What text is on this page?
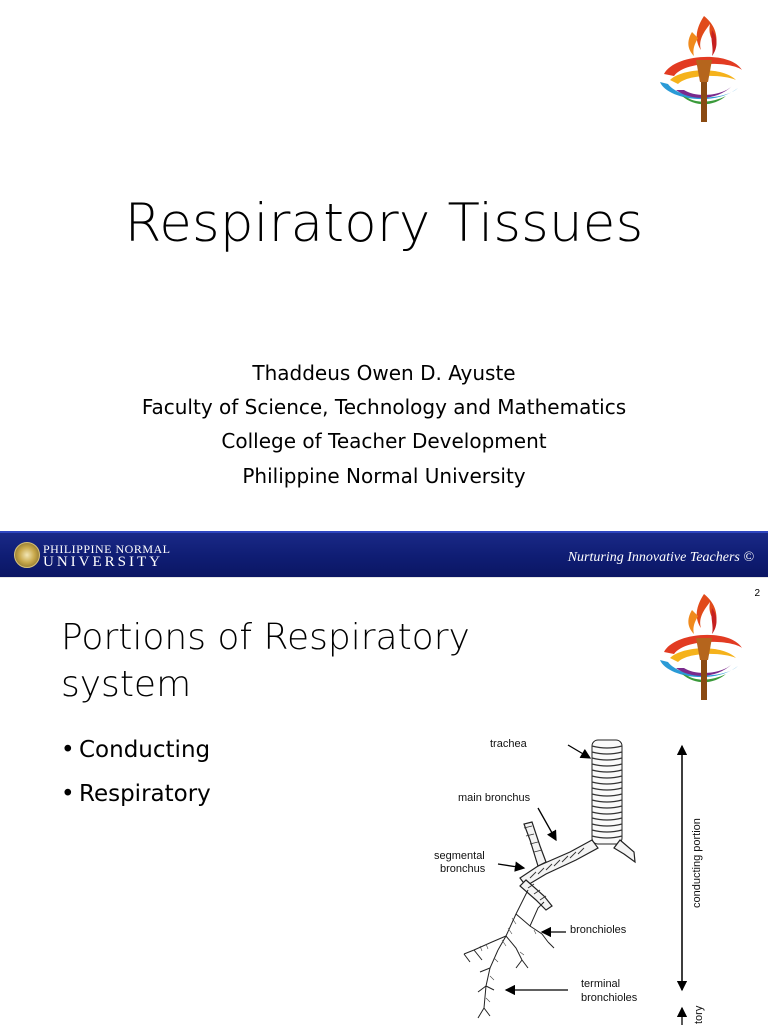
Respiratory Tissues
Thaddeus Owen D. Ayuste
Faculty of Science, Technology and Mathematics
College of Teacher Development
Philippine Normal University
PHILIPPINE NORMAL
UNIVERSITY	Nurturing Innovative Teachers ©
2
Portions of Respiratory
system
• Conducting
• Respiratory
trachea
main bronchus
segmental
bronchus
bronchioles
terminal
bronchioles
conducting portion
tory
